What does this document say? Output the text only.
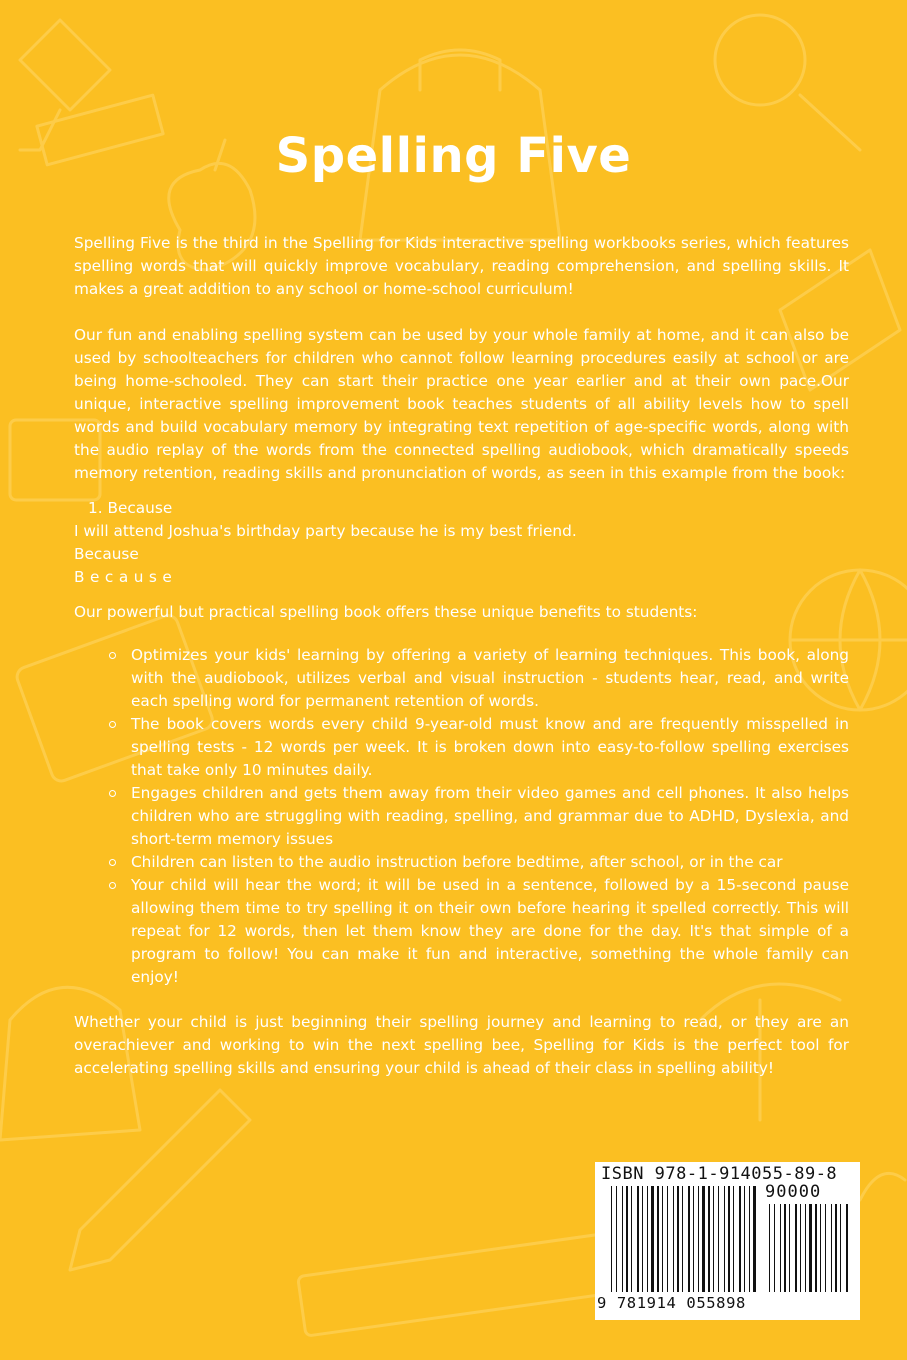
Spelling Five

Spelling Five is the third in the Spelling for Kids interactive spelling workbooks series, which features spelling words that will quickly improve vocabulary, reading comprehension, and spelling skills. It makes a great addition to any school or home-school curriculum!

Our fun and enabling spelling system can be used by your whole family at home, and it can also be used by schoolteachers for children who cannot follow learning procedures easily at school or are being home-schooled. They can start their practice one year earlier and at their own pace.Our unique, interactive spelling improvement book teaches students of all ability levels how to spell words and build vocabulary memory by integrating text repetition of age-specific words, along with the audio replay of the words from the connected spelling audiobook, which dramatically speeds memory retention, reading skills and pronunciation of words, as seen in this example from the book:

1. Because
I will attend Joshua's birthday party because he is my best friend.
Because
Because

Our powerful but practical spelling book offers these unique benefits to students:

Optimizes your kids' learning by offering a variety of learning techniques. This book, along with the audiobook, utilizes verbal and visual instruction - students hear, read, and write each spelling word for permanent retention of words.
The book covers words every child 9-year-old must know and are frequently misspelled in spelling tests - 12 words per week. It is broken down into easy-to-follow spelling exercises that take only 10 minutes daily.
Engages children and gets them away from their video games and cell phones. It also helps children who are struggling with reading, spelling, and grammar due to ADHD, Dyslexia, and short-term memory issues
Children can listen to the audio instruction before bedtime, after school, or in the car
Your child will hear the word; it will be used in a sentence, followed by a 15-second pause allowing them time to try spelling it on their own before hearing it spelled correctly. This will repeat for 12 words, then let them know they are done for the day. It's that simple of a program to follow! You can make it fun and interactive, something the whole family can enjoy!

Whether your child is just beginning their spelling journey and learning to read, or they are an overachiever and working to win the next spelling bee, Spelling for Kids is the perfect tool for accelerating spelling skills and ensuring your child is ahead of their class in spelling ability!

ISBN 978-1-914055-89-8
90000
9 781914 055898
